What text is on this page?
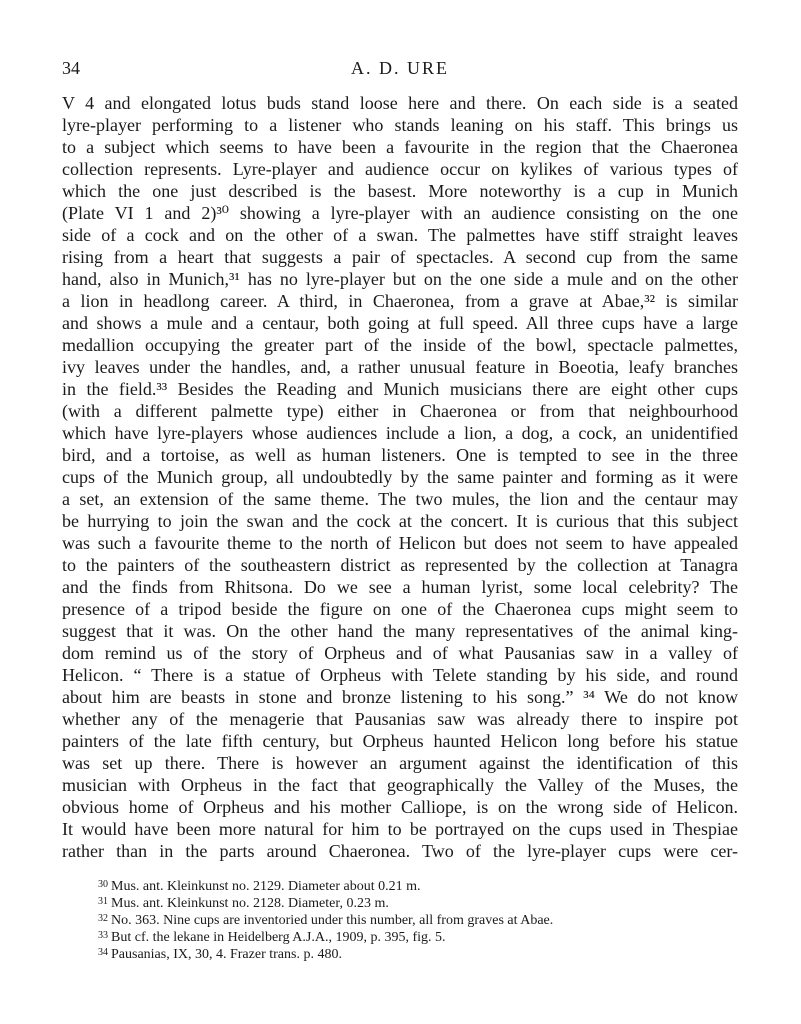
34	A. D. URE
V 4 and elongated lotus buds stand loose here and there. On each side is a seated
lyre-player performing to a listener who stands leaning on his staff. This brings us
to a subject which seems to have been a favourite in the region that the Chaeronea
collection represents. Lyre-player and audience occur on kylikes of various types of
which the one just described is the basest. More noteworthy is a cup in Munich
(Plate VI 1 and 2)³⁰ showing a lyre-player with an audience consisting on the one
side of a cock and on the other of a swan. The palmettes have stiff straight leaves
rising from a heart that suggests a pair of spectacles. A second cup from the same
hand, also in Munich,³¹ has no lyre-player but on the one side a mule and on the other
a lion in headlong career. A third, in Chaeronea, from a grave at Abae,³² is similar
and shows a mule and a centaur, both going at full speed. All three cups have a large
medallion occupying the greater part of the inside of the bowl, spectacle palmettes,
ivy leaves under the handles, and, a rather unusual feature in Boeotia, leafy branches
in the field.³³ Besides the Reading and Munich musicians there are eight other cups
(with a different palmette type) either in Chaeronea or from that neighbourhood
which have lyre-players whose audiences include a lion, a dog, a cock, an unidentified
bird, and a tortoise, as well as human listeners. One is tempted to see in the three
cups of the Munich group, all undoubtedly by the same painter and forming as it were
a set, an extension of the same theme. The two mules, the lion and the centaur may
be hurrying to join the swan and the cock at the concert. It is curious that this subject
was such a favourite theme to the north of Helicon but does not seem to have appealed
to the painters of the southeastern district as represented by the collection at Tanagra
and the finds from Rhitsona. Do we see a human lyrist, some local celebrity? The
presence of a tripod beside the figure on one of the Chaeronea cups might seem to
suggest that it was. On the other hand the many representatives of the animal king-
dom remind us of the story of Orpheus and of what Pausanias saw in a valley of
Helicon. “ There is a statue of Orpheus with Telete standing by his side, and round
about him are beasts in stone and bronze listening to his song.” ³⁴ We do not know
whether any of the menagerie that Pausanias saw was already there to inspire pot
painters of the late fifth century, but Orpheus haunted Helicon long before his statue
was set up there. There is however an argument against the identification of this
musician with Orpheus in the fact that geographically the Valley of the Muses, the
obvious home of Orpheus and his mother Calliope, is on the wrong side of Helicon.
It would have been more natural for him to be portrayed on the cups used in Thespiae
rather than in the parts around Chaeronea. Two of the lyre-player cups were cer-
$^{30}$ Mus. ant. Kleinkunst no. 2129. Diameter about 0.21 m.
$^{31}$ Mus. ant. Kleinkunst no. 2128. Diameter, 0.23 m.
$^{32}$ No. 363. Nine cups are inventoried under this number, all from graves at Abae.
$^{33}$ But cf. the lekane in Heidelberg A.J.A., 1909, p. 395, fig. 5.
$^{34}$ Pausanias, IX, 30, 4. Frazer trans. p. 480.
